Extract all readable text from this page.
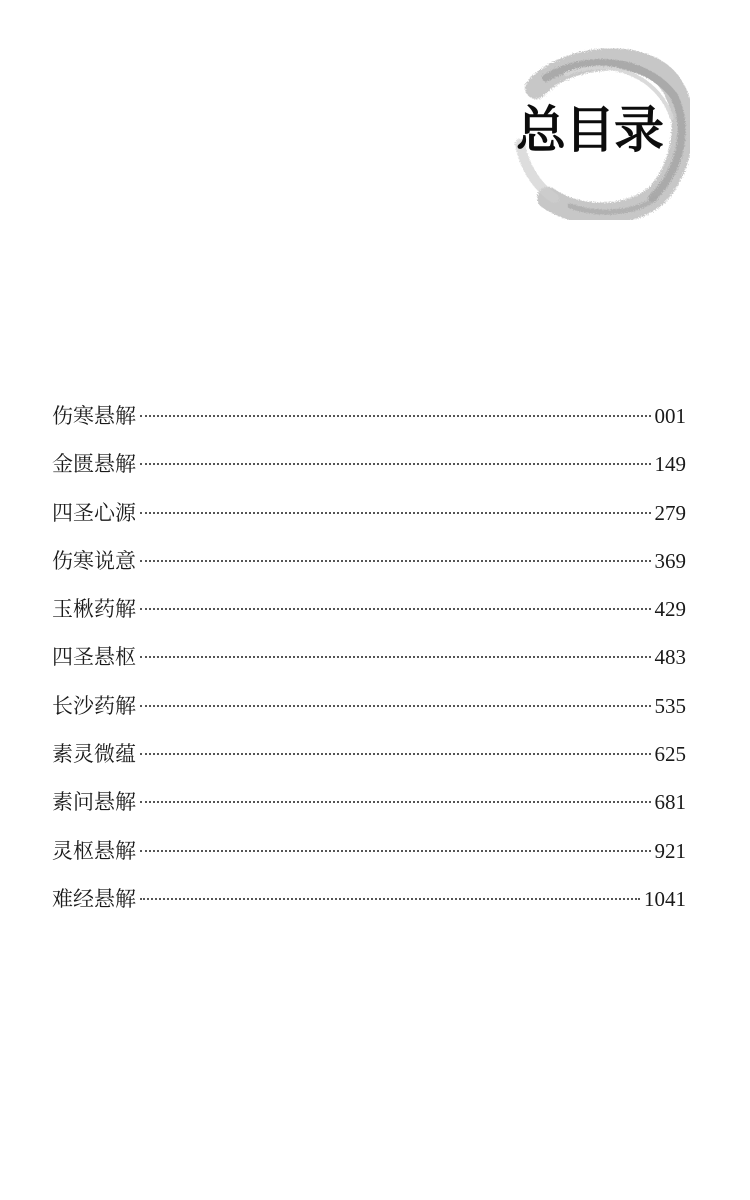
总目录
伤寒悬解	001
金匮悬解	149
四圣心源	279
伤寒说意	369
玉楸药解	429
四圣悬枢	483
长沙药解	535
素灵微蕴	625
素问悬解	681
灵枢悬解	921
难经悬解	1041
